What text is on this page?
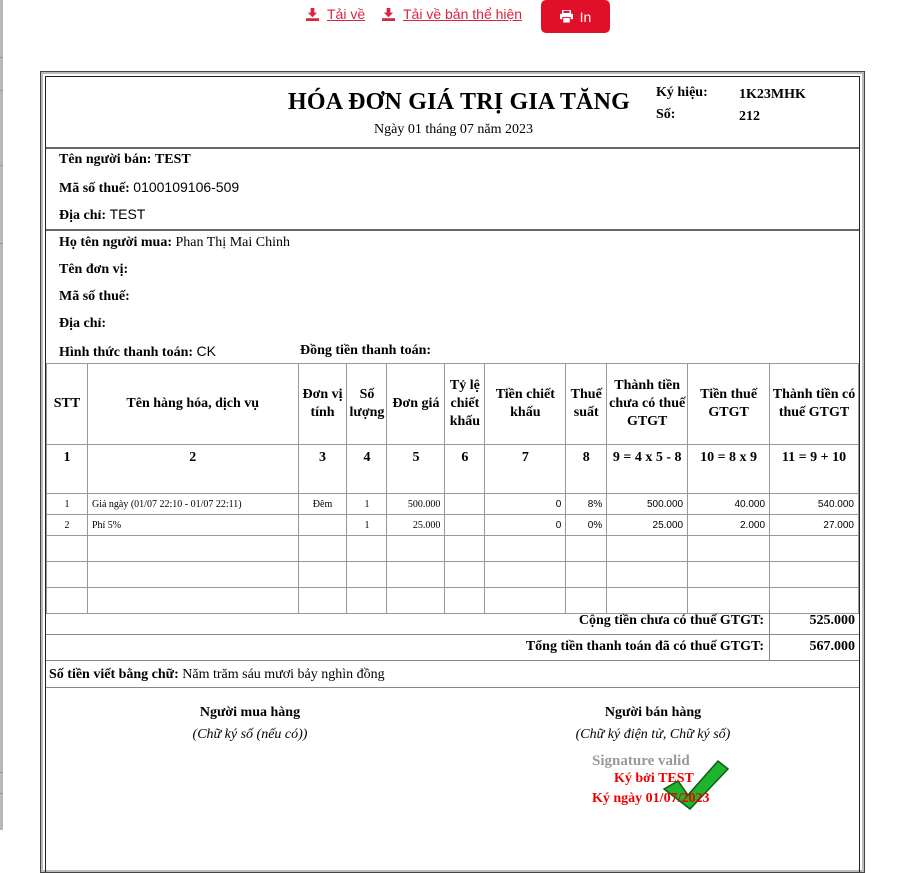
Tải về	Tải về bản thể hiện	In
HÓA ĐƠN GIÁ TRỊ GIA TĂNG
Ngày 01 tháng 07 năm 2023
Ký hiệu: 1K23MHK
Số:	212
Tên người bán: TEST
Mã số thuế: 0100109106-509
Địa chỉ: TEST
Họ tên người mua: Phan Thị Mai Chinh
Tên đơn vị:
Mã số thuế:
Địa chỉ:
Hình thức thanh toán: CK	Đồng tiền thanh toán:
STT	Tên hàng hóa, dịch vụ	Đơn vị tính	Số lượng	Đơn giá	Tỷ lệ chiết khấu	Tiền chiết khấu	Thuế suất	Thành tiền chưa có thuế GTGT	Tiền thuế GTGT	Thành tiền có thuế GTGT
1	2	3	4	5	6	7	8	9 = 4 x 5 - 8	10 = 8 x 9	11 = 9 + 10
1	Giá ngày (01/07 22:10 - 01/07 22:11)	Đêm	1	500.000		0	8%	500.000	40.000	540.000
2	Phí 5%		1	25.000		0	0%	25.000	2.000	27.000

Cộng tiền chưa có thuế GTGT:	525.000
Tổng tiền thanh toán đã có thuế GTGT:	567.000
Số tiền viết bằng chữ: Năm trăm sáu mươi bảy nghìn đồng
Người mua hàng
(Chữ ký số (nếu có))
Người bán hàng
(Chữ ký điện tử, Chữ ký số)
Signature valid
Ký bởi TEST
Ký ngày 01/07/2023
